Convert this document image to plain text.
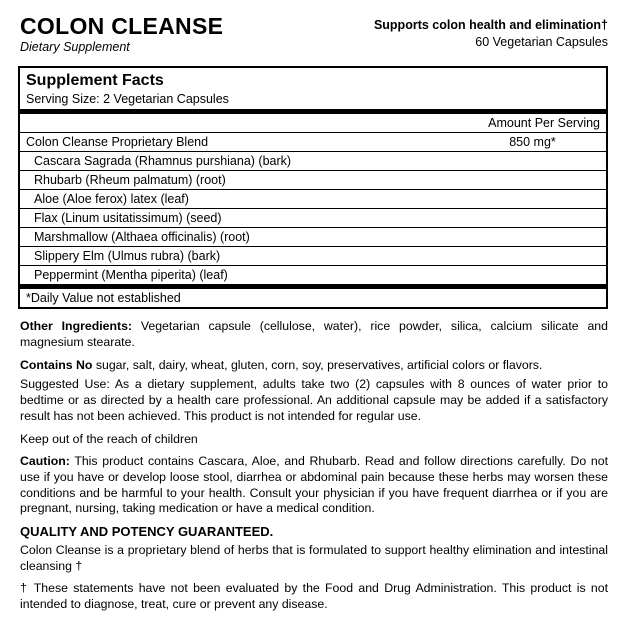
COLON CLEANSE
Dietary Supplement
Supports colon health and elimination†
60 Vegetarian Capsules
Supplement Facts
Serving Size: 2 Vegetarian Capsules
Amount Per Serving
Colon Cleanse Proprietary Blend	850 mg*
Cascara Sagrada (Rhamnus purshiana) (bark)	
Rhubarb (Rheum palmatum) (root)	
Aloe (Aloe ferox) latex (leaf)	
Flax (Linum usitatissimum) (seed)	
Marshmallow (Althaea officinalis) (root)	
Slippery Elm (Ulmus rubra) (bark)	
Peppermint (Mentha piperita) (leaf)	
*Daily Value not established	
Other Ingredients: Vegetarian capsule (cellulose, water), rice powder, silica, calcium silicate and magnesium stearate.
Contains No sugar, salt, dairy, wheat, gluten, corn, soy, preservatives, artificial colors or flavors.
Suggested Use: As a dietary supplement, adults take two (2) capsules with 8 ounces of water prior to bedtime or as directed by a health care professional. An additional capsule may be added if a satisfactory result has not been achieved. This product is not intended for regular use.
Keep out of the reach of children
Caution: This product contains Cascara, Aloe, and Rhubarb. Read and follow directions carefully. Do not use if you have or develop loose stool, diarrhea or abdominal pain because these herbs may worsen these conditions and be harmful to your health. Consult your physician if you have frequent diarrhea or if you are pregnant, nursing, taking medication or have a medical condition.
QUALITY AND POTENCY GUARANTEED.
Colon Cleanse is a proprietary blend of herbs that is formulated to support healthy elimination and intestinal cleansing †
† These statements have not been evaluated by the Food and Drug Administration. This product is not intended to diagnose, treat, cure or prevent any disease.
